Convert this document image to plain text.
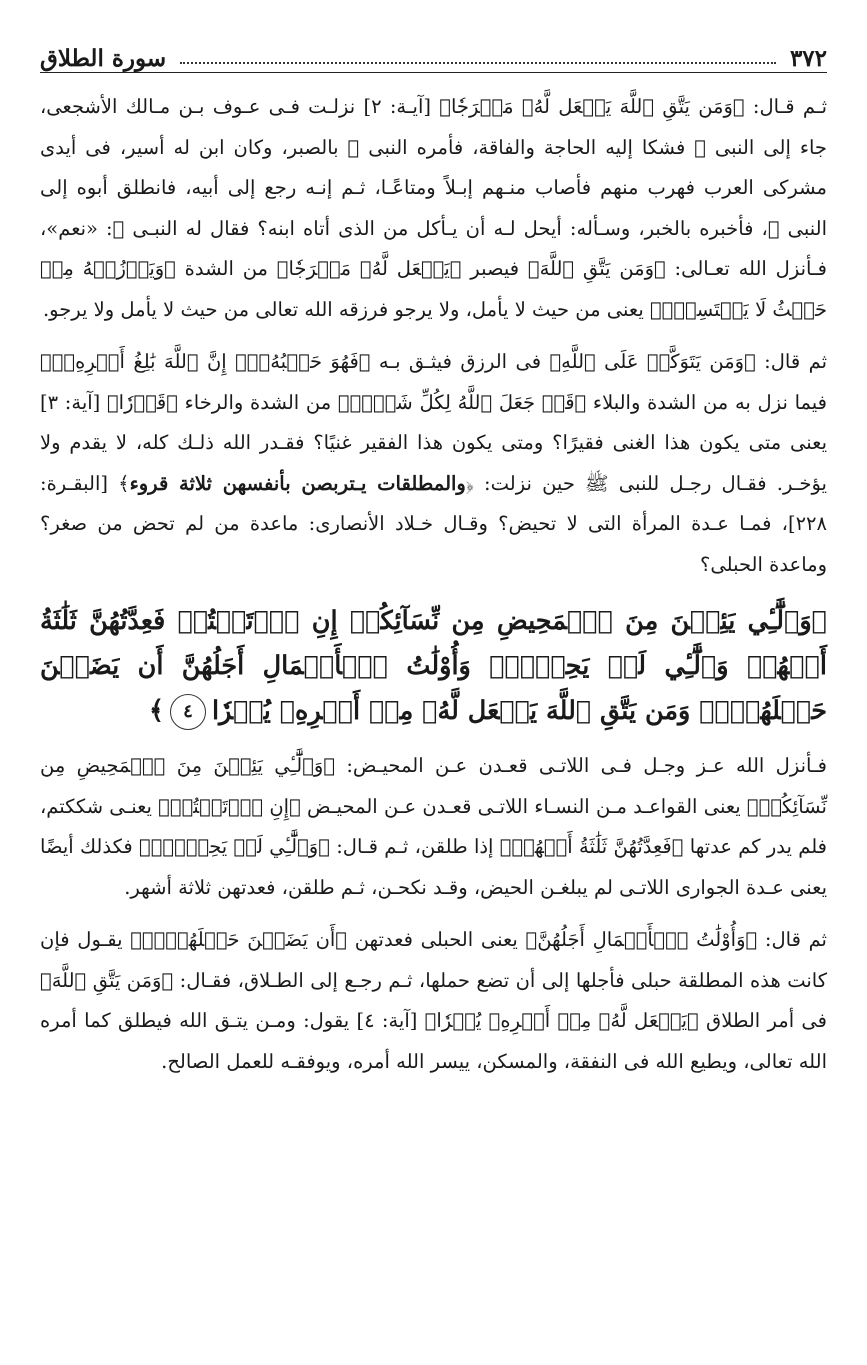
٣٧٢
سورة الطلاق

ثـم قـال: ﴿وَمَن يَتَّقِ ٱللَّهَ يَجۡعَل لَّهُۥ مَخۡرَجٗا﴾ [آيـة: ٢] نزلـت فـى عـوف بـن مـالك الأشجعى، جاء إلى النبى ﷺ فشكا إليه الحاجة والفاقة، فأمره النبى ﷺ بالصبر، وكان ابن له أسير، فى أيدى مشركى العرب فهرب منهم فأصاب منـهم إبـلاً ومتاعًـا، ثـم إنـه رجع إلى أبيه، فانطلق أبوه إلى النبى ﷺ، فأخبره بالخبر، وسـأله: أيحل لـه أن يـأكل من الذى أتاه ابنه؟ فقال له النبـى ﷺ: «نعم»، فـأنزل الله تعـالى: ﴿وَمَن يَتَّقِ ٱللَّهَ﴾ فيصبر ﴿يَجۡعَل لَّهُۥ مَخۡرَجٗا﴾ من الشدة ﴿وَيَرۡزُقۡهُ مِنۡ حَيۡثُ لَا يَحۡتَسِبُۚ﴾ يعنى من حيث لا يأمل، ولا يرجو فرزقه الله تعالى من حيث لا يأمل ولا يرجو.

ثم قال: ﴿وَمَن يَتَوَكَّلۡ عَلَى ٱللَّهِ﴾ فى الرزق فيثـق بـه ﴿فَهُوَ حَسۡبُهُۥٓۚ إِنَّ ٱللَّهَ بَٰلِغُ أَمۡرِهِۦۚ﴾ فيما نزل به من الشدة والبلاء ﴿قَدۡ جَعَلَ ٱللَّهُ لِكُلِّ شَيۡءٖ﴾ من الشدة والرخاء ﴿قَدۡرٗا﴾ [آية: ٣] يعنى متى يكون هذا الغنى فقيرًا؟ ومتى يكون هذا الفقير غنيًا؟ فقـدر الله ذلـك كله، لا يقدم ولا يؤخـر. فقـال رجـل للنبى ﷺ حين نزلت: ﴿والمطلقات يـتربصن بأنفسهن ثلاثة قروء﴾ [البقـرة: ٢٢٨]، فمـا عـدة المرأة التى لا تحيض؟ وقـال خـلاد الأنصارى: ماعدة من لم تحض من صغر؟ وماعدة الحبلى؟

﴿وَٱلَّٰٓـِٔي يَئِسۡنَ مِنَ ٱلۡمَحِيضِ مِن نِّسَآئِكُمۡ إِنِ ٱرۡتَبۡتُمۡ فَعِدَّتُهُنَّ ثَلَٰثَةُ أَشۡهُرٖ وَٱلَّٰٓـِٔي لَمۡ يَحِضۡنَۚ وَأُوْلَٰتُ ٱلۡأَحۡمَالِ أَجَلُهُنَّ أَن يَضَعۡنَ حَمۡلَهُنَّۚ وَمَن يَتَّقِ ٱللَّهَ يَجۡعَل لَّهُۥ مِنۡ أَمۡرِهِۦ يُسۡرٗا٤﴾

فـأنزل الله عـز وجـل فـى اللاتـى قعـدن عـن المحيـض: ﴿وَٱلَّٰٓـِٔي يَئِسۡنَ مِنَ ٱلۡمَحِيضِ مِن نِّسَآئِكُمۡ﴾ يعنى القواعـد مـن النسـاء اللاتـى قعـدن عـن المحيـض ﴿إِنِ ٱرۡتَبۡتُمۡ﴾ يعنـى شككتم، فلم يدر كم عدتها ﴿فَعِدَّتُهُنَّ ثَلَٰثَةُ أَشۡهُرٖ﴾ إذا طلقن، ثـم قـال: ﴿وَٱلَّٰٓـِٔي لَمۡ يَحِضۡنَۚ﴾ فكذلك أيضًا يعنى عـدة الجوارى اللاتـى لم يبلغـن الحيض، وقـد نكحـن، ثـم طلقن، فعدتهن ثلاثة أشهر.

ثم قال: ﴿وَأُوْلَٰتُ ٱلۡأَحۡمَالِ أَجَلُهُنَّ﴾ يعنى الحبلى فعدتهن ﴿أَن يَضَعۡنَ حَمۡلَهُنَّۚ﴾ يقـول فإن كانت هذه المطلقة حبلى فأجلها إلى أن تضع حملها، ثـم رجـع إلى الطـلاق، فقـال: ﴿وَمَن يَتَّقِ ٱللَّهَ﴾ فى أمر الطلاق ﴿يَجۡعَل لَّهُۥ مِنۡ أَمۡرِهِۦ يُسۡرٗا﴾ [آية: ٤] يقول: ومـن يتـق الله فيطلق كما أمره الله تعالى، ويطيع الله فى النفقة، والمسكن، ييسر الله أمره، ويوفقـه للعمل الصالح.
